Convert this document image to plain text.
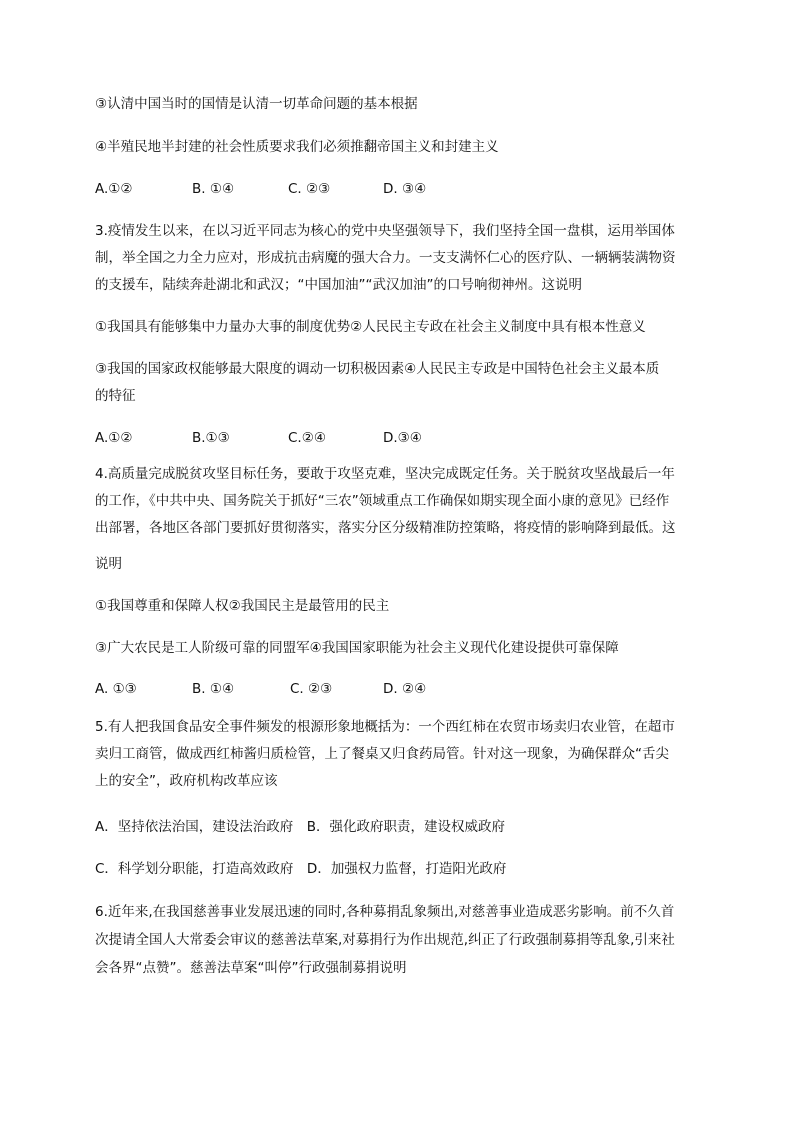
③认清中国当时的国情是认清一切革命问题的基本根据
④半殖民地半封建的社会性质要求我们必须推翻帝国主义和封建主义
A.①②	B. ①④	C. ②③	D. ③④
3.疫情发生以来，在以习近平同志为核心的党中央坚强领导下，我们坚持全国一盘棋，运用举国体
制，举全国之力全力应对，形成抗击病魔的强大合力。一支支满怀仁心的医疗队、一辆辆装满物资
的支援车，陆续奔赴湖北和武汉；“中国加油”“武汉加油”的口号响彻神州。这说明
①我国具有能够集中力量办大事的制度优势②人民民主专政在社会主义制度中具有根本性意义
③我国的国家政权能够最大限度的调动一切积极因素④人民民主专政是中国特色社会主义最本质
的特征
A.①②	B.①③	C.②④	D.③④
4.高质量完成脱贫攻坚目标任务，要敢于攻坚克难，坚决完成既定任务。关于脱贫攻坚战最后一年
的工作，《中共中央、国务院关于抓好“三农”领域重点工作确保如期实现全面小康的意见》已经作
出部署，各地区各部门要抓好贯彻落实，落实分区分级精准防控策略，将疫情的影响降到最低。这
说明
①我国尊重和保障人权②我国民主是最管用的民主
③广大农民是工人阶级可靠的同盟军④我国国家职能为社会主义现代化建设提供可靠保障
A. ①③	B. ①④	C. ②③	D. ②④
5.有人把我国食品安全事件频发的根源形象地概括为：一个西红柿在农贸市场卖归农业管，在超市
卖归工商管，做成西红柿酱归质检管，上了餐桌又归食药局管。针对这一现象，为确保群众“舌尖
上的安全”，政府机构改革应该
A．坚持依法治国，建设法治政府　B．强化政府职责，建设权威政府
C．科学划分职能，打造高效政府　D．加强权力监督，打造阳光政府
6.近年来,在我国慈善事业发展迅速的同时,各种募捐乱象频出,对慈善事业造成恶劣影响。前不久首
次提请全国人大常委会审议的慈善法草案,对募捐行为作出规范,纠正了行政强制募捐等乱象,引来社
会各界“点赞”。慈善法草案“叫停”行政强制募捐说明
